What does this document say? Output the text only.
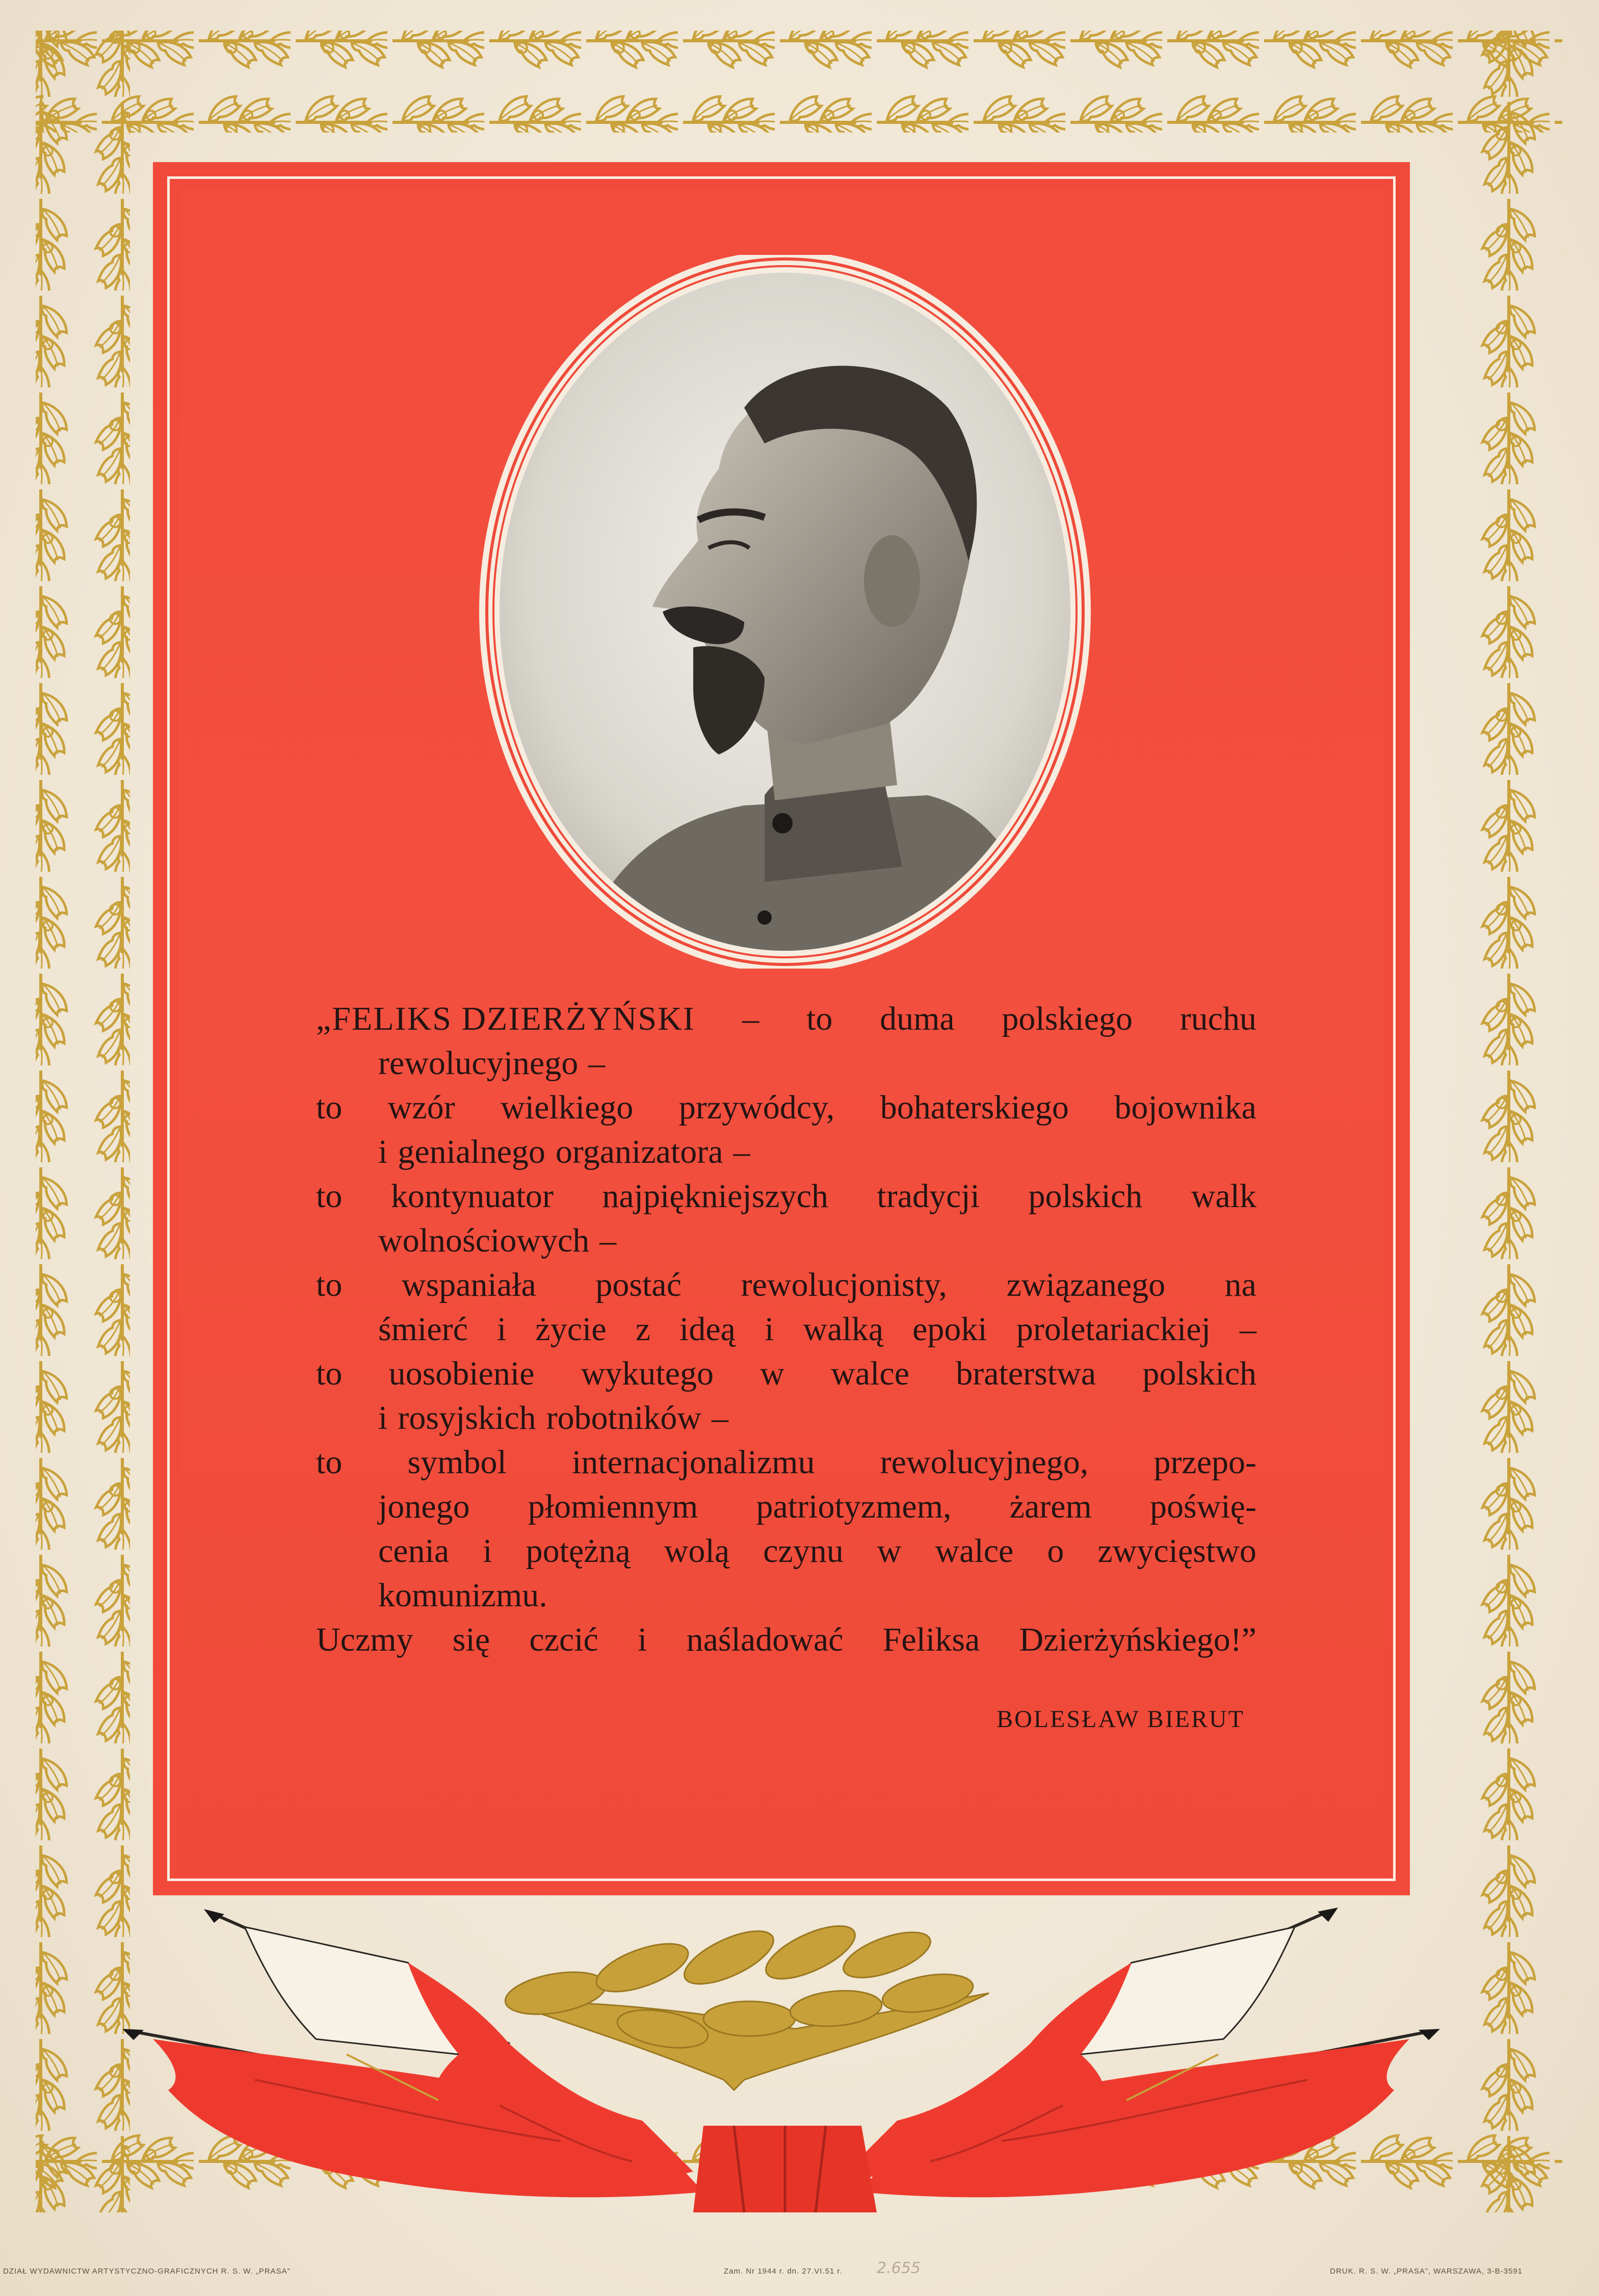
„FELIKS DZIERŻYŃSKI – to duma polskiego ruchu
rewolucyjnego –
to wzór wielkiego przywódcy, bohaterskiego bojownika
i genialnego organizatora –
to kontynuator najpiękniejszych tradycji polskich walk
wolnościowych –
to wspaniała postać rewolucjonisty, związanego na
śmierć i życie z ideą i walką epoki proletariackiej –
to uosobienie wykutego w walce braterstwa polskich
i rosyjskich robotników –
to symbol internacjonalizmu rewolucyjnego, przepo-
jonego płomiennym patriotyzmem, żarem poświę-
cenia i potężną wolą czynu w walce o zwycięstwo
komunizmu.
Uczmy się czcić i naśladować Feliksa Dzierżyńskiego!”
BOLESŁAW BIERUT
DZIAŁ WYDAWNICTW ARTYSTYCZNO-GRAFICZNYCH R. S. W. „PRASA”	Zam. Nr 1944 r. dn. 27.VI.51 r.	DRUK. R. S. W. „PRASA”, WARSZAWA, 3-B-3591
2.655
